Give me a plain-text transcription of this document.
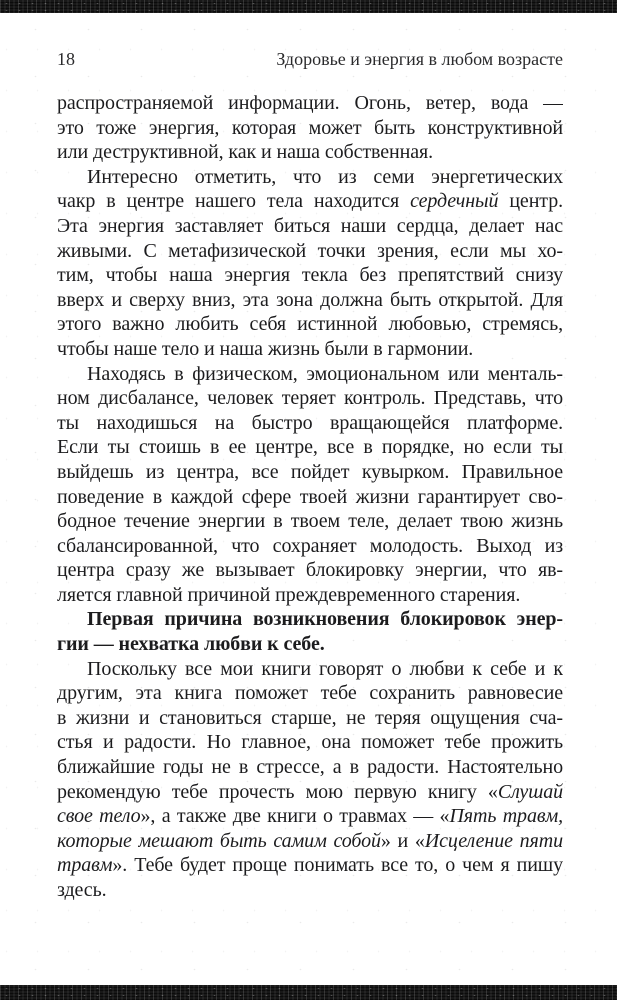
18	Здоровье и энергия в любом возрасте
распространяемой информации. Огонь, ветер, вода —
это тоже энергия, которая может быть конструктивной
или деструктивной, как и наша собственная.
Интересно отметить, что из семи энергетических
чакр в центре нашего тела находится сердечный центр.
Эта энергия заставляет биться наши сердца, делает нас
живыми. С метафизической точки зрения, если мы хо-
тим, чтобы наша энергия текла без препятствий снизу
вверх и сверху вниз, эта зона должна быть открытой. Для
этого важно любить себя истинной любовью, стремясь,
чтобы наше тело и наша жизнь были в гармонии.
Находясь в физическом, эмоциональном или менталь-
ном дисбалансе, человек теряет контроль. Представь, что
ты находишься на быстро вращающейся платформе.
Если ты стоишь в ее центре, все в порядке, но если ты
выйдешь из центра, все пойдет кувырком. Правильное
поведение в каждой сфере твоей жизни гарантирует сво-
бодное течение энергии в твоем теле, делает твою жизнь
сбалансированной, что сохраняет молодость. Выход из
центра сразу же вызывает блокировку энергии, что яв-
ляется главной причиной преждевременного старения.
Первая причина возникновения блокировок энер-
гии — нехватка любви к себе.
Поскольку все мои книги говорят о любви к себе и к
другим, эта книга поможет тебе сохранить равновесие
в жизни и становиться старше, не теряя ощущения сча-
стья и радости. Но главное, она поможет тебе прожить
ближайшие годы не в стрессе, а в радости. Настоятельно
рекомендую тебе прочесть мою первую книгу «Слушай
свое тело», а также две книги о травмах — «Пять травм,
которые мешают быть самим собой» и «Исцеление пяти
травм». Тебе будет проще понимать все то, о чем я пишу
здесь.
